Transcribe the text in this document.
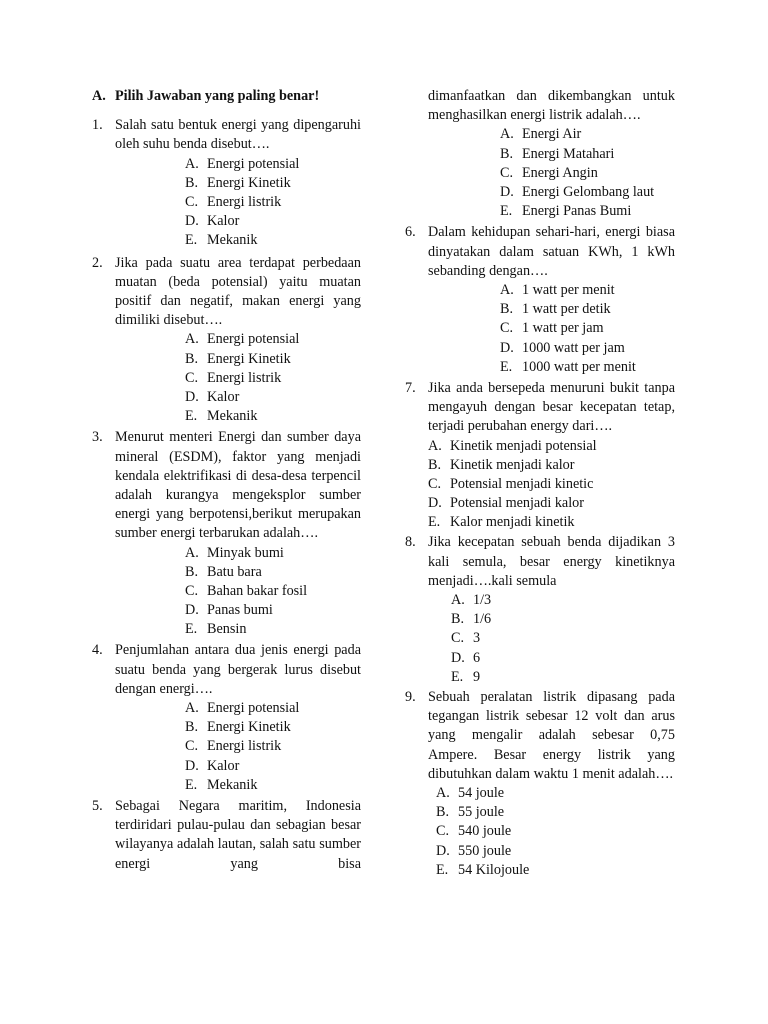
A. Pilih Jawaban yang paling benar!
1. Salah satu bentuk energi yang dipengaruhi oleh suhu benda disebut….
A. Energi potensial
B. Energi Kinetik
C. Energi listrik
D. Kalor
E. Mekanik
2. Jika pada suatu area terdapat perbedaan muatan (beda potensial) yaitu muatan positif dan negatif, makan energi yang dimiliki disebut….
A. Energi potensial
B. Energi Kinetik
C. Energi listrik
D. Kalor
E. Mekanik
3. Menurut menteri Energi dan sumber daya mineral (ESDM), faktor yang menjadi kendala elektrifikasi di desa-desa terpencil adalah kurangya mengeksplor sumber energi yang berpotensi,berikut merupakan sumber energi terbarukan adalah….
A. Minyak bumi
B. Batu bara
C. Bahan bakar fosil
D. Panas bumi
E. Bensin
4. Penjumlahan antara dua jenis energi pada suatu benda yang bergerak lurus disebut dengan energi….
A. Energi potensial
B. Energi Kinetik
C. Energi listrik
D. Kalor
E. Mekanik
5. Sebagai Negara maritim, Indonesia terdiridari pulau-pulau dan sebagian besar wilayanya adalah lautan, salah satu sumber energi yang bisa
dimanfaatkan dan dikembangkan untuk menghasilkan energi listrik adalah….
A. Energi Air
B. Energi Matahari
C. Energi Angin
D. Energi Gelombang laut
E. Energi Panas Bumi
6. Dalam kehidupan sehari-hari, energi biasa dinyatakan dalam satuan KWh, 1 kWh sebanding dengan….
A. 1 watt per menit
B. 1 watt per detik
C. 1 watt per jam
D. 1000 watt per jam
E. 1000 watt per menit
7. Jika anda bersepeda menuruni bukit tanpa mengayuh dengan besar kecepatan tetap, terjadi perubahan energy dari….
A. Kinetik menjadi potensial
B. Kinetik menjadi kalor
C. Potensial menjadi kinetic
D. Potensial menjadi kalor
E. Kalor menjadi kinetik
8. Jika kecepatan sebuah benda dijadikan 3 kali semula, besar energy kinetiknya menjadi….kali semula
A. 1/3
B. 1/6
C. 3
D. 6
E. 9
9. Sebuah peralatan listrik dipasang pada tegangan listrik sebesar 12 volt dan arus yang mengalir adalah sebesar 0,75 Ampere. Besar energy listrik yang dibutuhkan dalam waktu 1 menit adalah….
A. 54 joule
B. 55 joule
C. 540 joule
D. 550 joule
E. 54 Kilojoule
